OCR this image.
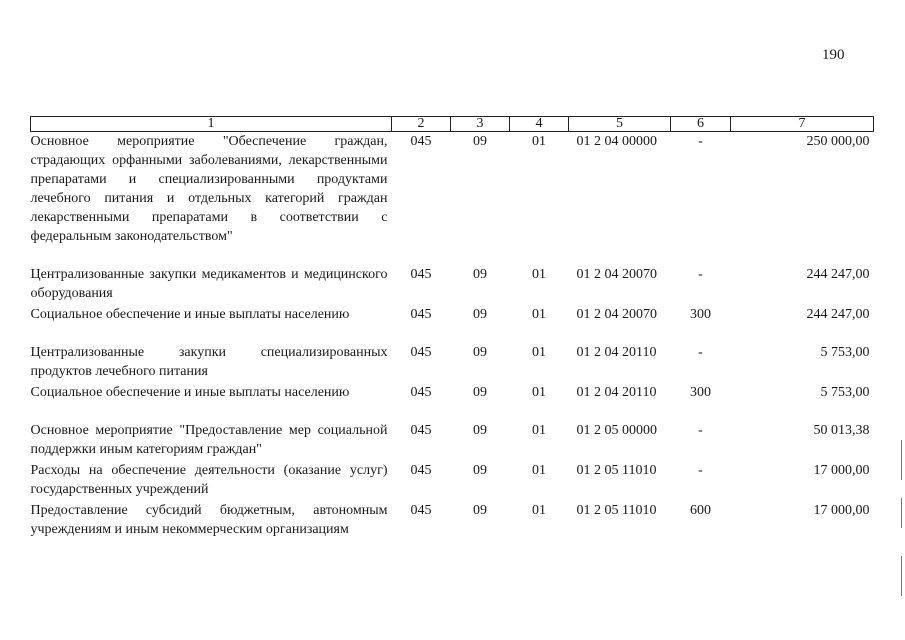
190
1	2	3	4	5	6	7
Основное мероприятие "Обеспечение граждан, страдающих орфанными заболеваниями, лекарственными препаратами и специализированными продуктами лечебного питания и отдельных категорий граждан лекарственными препаратами в соответствии с федеральным законодательством"	045	09	01	01 2 04 00000	-	250 000,00
Централизованные закупки медикаментов и медицинского оборудования	045	09	01	01 2 04 20070	-	244 247,00
Социальное обеспечение и иные выплаты населению	045	09	01	01 2 04 20070	300	244 247,00
Централизованные закупки специализированных продуктов лечебного питания	045	09	01	01 2 04 20110	-	5 753,00
Социальное обеспечение и иные выплаты населению	045	09	01	01 2 04 20110	300	5 753,00
Основное мероприятие "Предоставление мер социальной поддержки иным категориям граждан"	045	09	01	01 2 05 00000	-	50 013,38
Расходы на обеспечение деятельности (оказание услуг) государственных учреждений	045	09	01	01 2 05 11010	-	17 000,00
Предоставление субсидий бюджетным, автономным учреждениям и иным некоммерческим организациям	045	09	01	01 2 05 11010	600	17 000,00
